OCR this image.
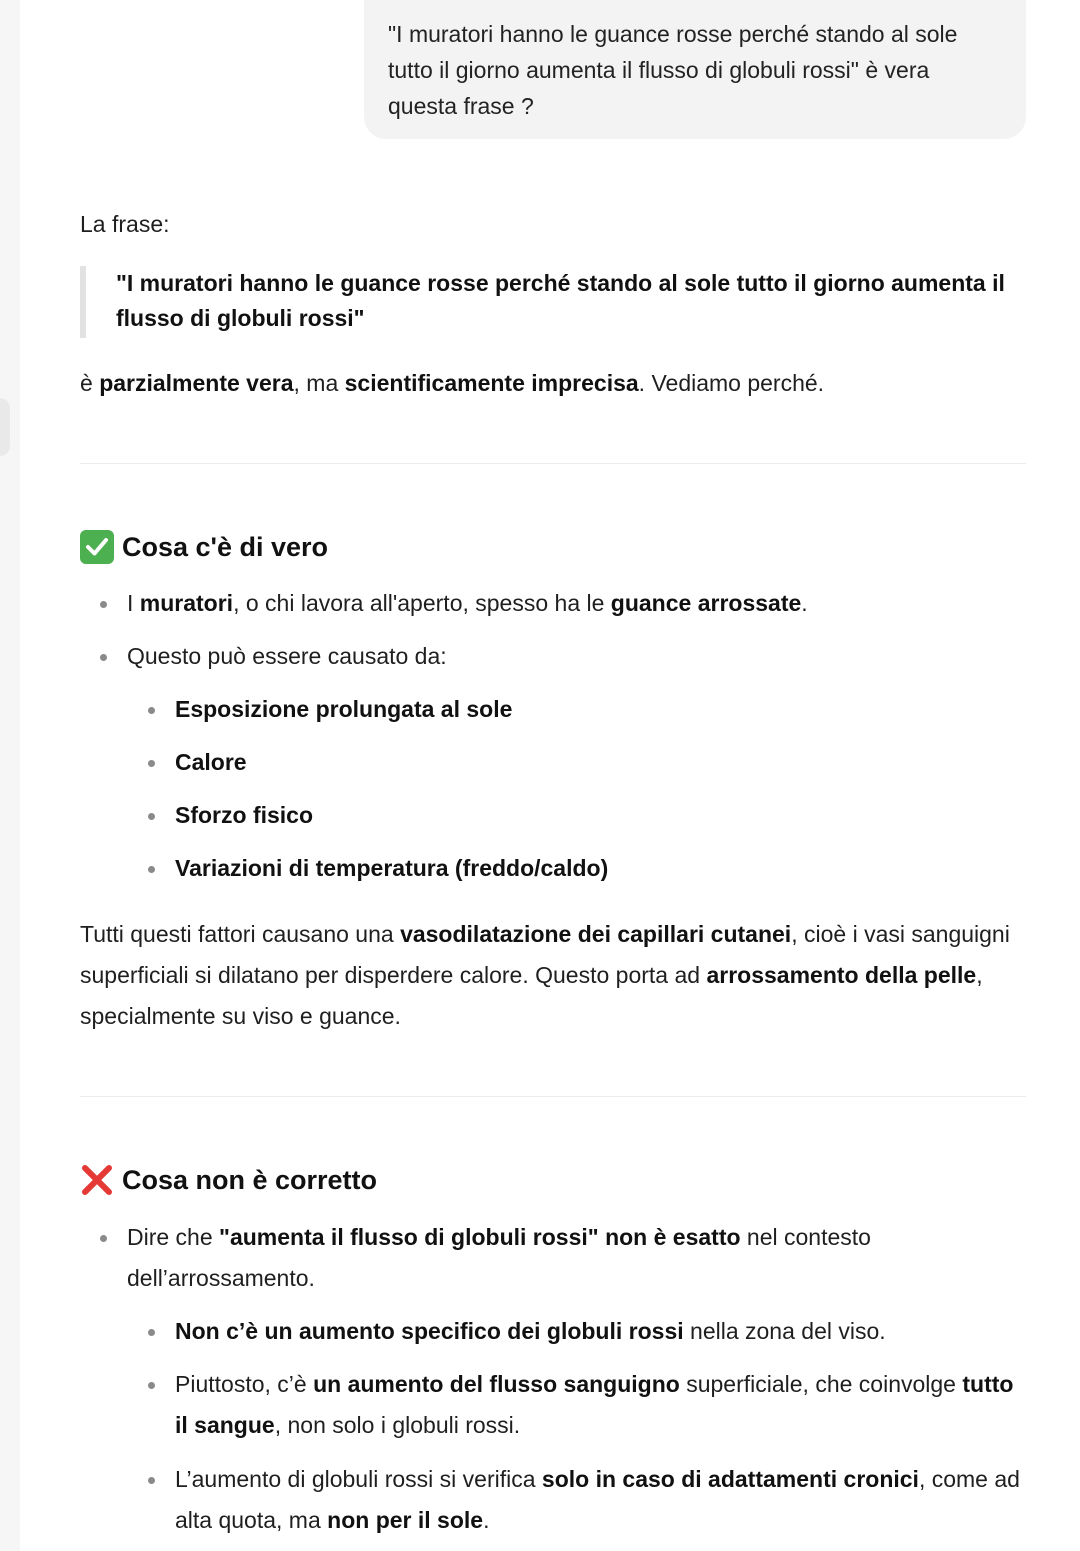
"I muratori hanno le guance rosse perché stando al sole tutto il giorno aumenta il flusso di globuli rossi" è vera questa frase ?
La frase:
"I muratori hanno le guance rosse perché stando al sole tutto il giorno aumenta il flusso di globuli rossi"
è parzialmente vera, ma scientificamente imprecisa. Vediamo perché.
Cosa c'è di vero
I muratori, o chi lavora all'aperto, spesso ha le guance arrossate.
Questo può essere causato da:
Esposizione prolungata al sole
Calore
Sforzo fisico
Variazioni di temperatura (freddo/caldo)
Tutti questi fattori causano una vasodilatazione dei capillari cutanei, cioè i vasi sanguigni superficiali si dilatano per disperdere calore. Questo porta ad arrossamento della pelle, specialmente su viso e guance.
Cosa non è corretto
Dire che "aumenta il flusso di globuli rossi" non è esatto nel contesto dell’arrossamento.
Non c’è un aumento specifico dei globuli rossi nella zona del viso.
Piuttosto, c’è un aumento del flusso sanguigno superficiale, che coinvolge tutto il sangue, non solo i globuli rossi.
L’aumento di globuli rossi si verifica solo in caso di adattamenti cronici, come ad alta quota, ma non per il sole.
